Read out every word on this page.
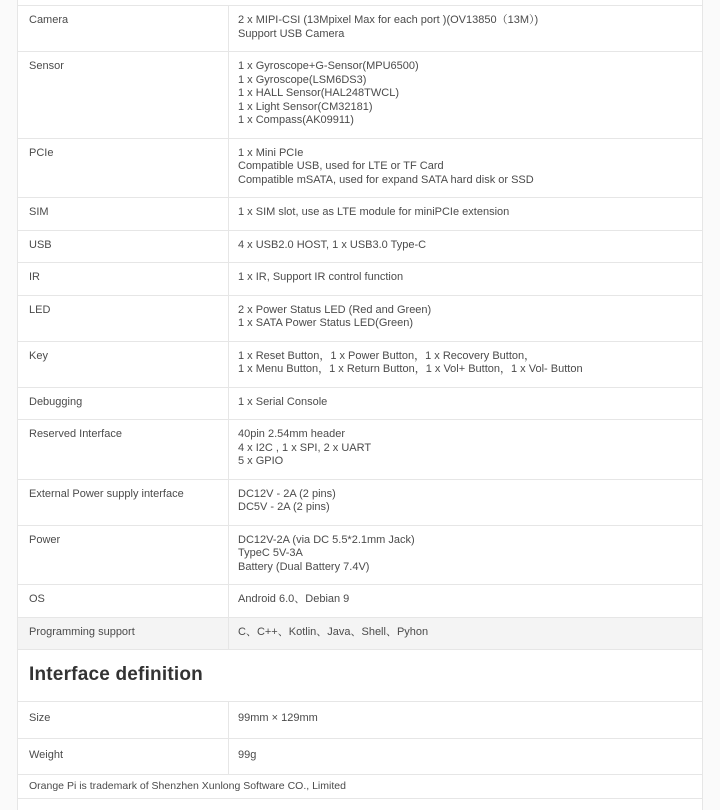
Camera	2 x MIPI-CSI (13Mpixel Max for each port )(OV13850（13M）)
Support USB Camera
Sensor	1 x Gyroscope+G-Sensor(MPU6500)
1 x Gyroscope(LSM6DS3)
1 x HALL Sensor(HAL248TWCL)
1 x Light Sensor(CM32181)
1 x Compass(AK09911)
PCIe	1 x Mini PCIe
Compatible USB, used for LTE or TF Card
Compatible mSATA, used for expand SATA hard disk or SSD
SIM	1 x SIM slot, use as LTE module for miniPCIe extension
USB	4 x USB2.0 HOST, 1 x USB3.0 Type-C
IR	1 x IR, Support IR control function
LED	2 x Power Status LED (Red and Green)
1 x SATA Power Status LED(Green)
Key	1 x Reset Button，1 x Power Button，1 x Recovery Button，
1 x Menu Button，1 x Return Button，1 x Vol+ Button，1 x Vol- Button
Debugging	1 x Serial Console
Reserved Interface	40pin 2.54mm header
4 x I2C , 1 x SPI, 2 x UART
5 x GPIO
External Power supply interface	DC12V - 2A (2 pins)
DC5V - 2A (2 pins)
Power	DC12V-2A (via DC 5.5*2.1mm Jack)
TypeC 5V-3A
Battery (Dual Battery 7.4V)
OS	Android 6.0、Debian 9
Programming support	C、C++、Kotlin、Java、Shell、Pyhon
Interface definition
Size	99mm × 129mm
Weight	99g
Orange Pi is trademark of Shenzhen Xunlong Software CO., Limited
